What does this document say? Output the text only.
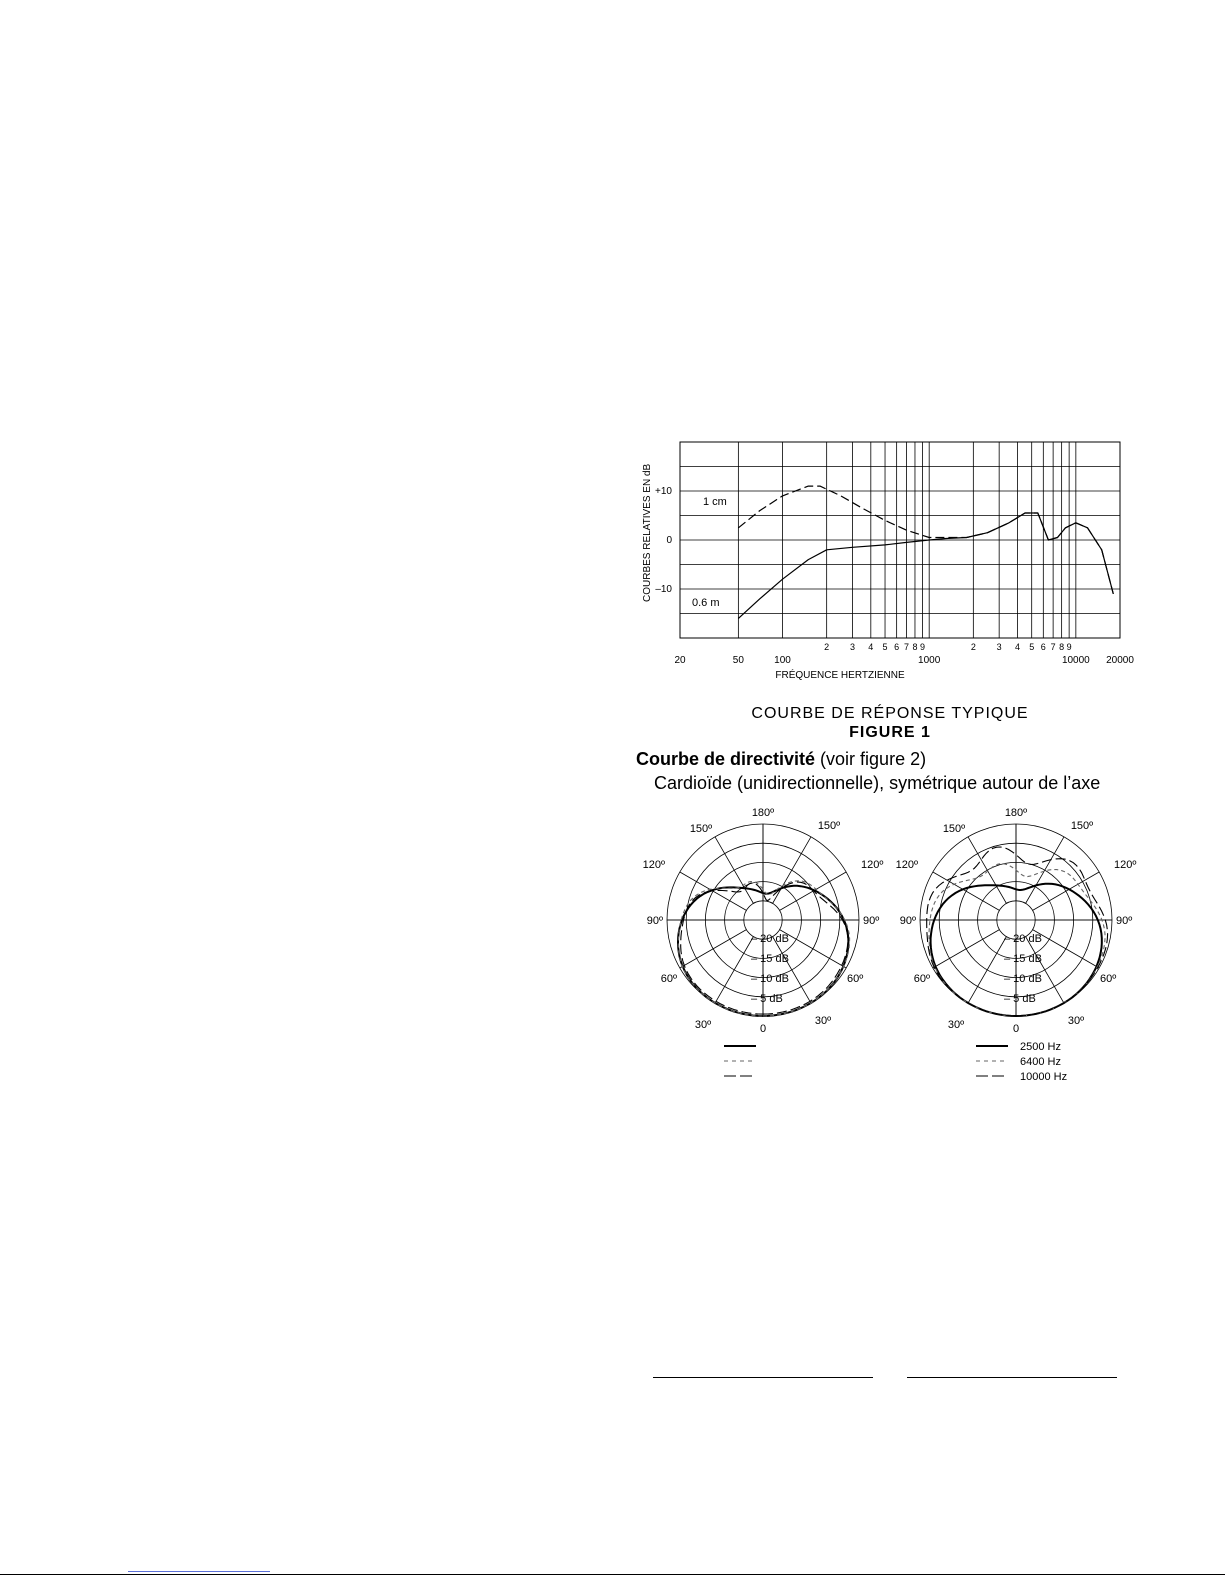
+10
0
–10
20	50	100	1000	10000 20000
2 3 4 5 6 7 8 9	2 3 4 5 6 7 8 9
COURBES RELATIVES EN dB
FRÉQUENCE HERTZIENNE
1 cm
0.6 m
COURBE DE RÉPONSE TYPIQUE
FIGURE 1
Courbe de directivité (voir figure 2)
Cardioïde (unidirectionnelle), symétrique autour de l’axe
180º
150º	150º
120º	120º
90º	90º
60º	60º
30º	30º
0
– 20 dB
– 15 dB
– 10 dB
– 5 dB
180º
150º	150º
120º	120º
90º	90º
60º	60º
30º	30º
0
– 20 dB
– 15 dB
– 10 dB
– 5 dB
2500 Hz
6400 Hz
10000 Hz
